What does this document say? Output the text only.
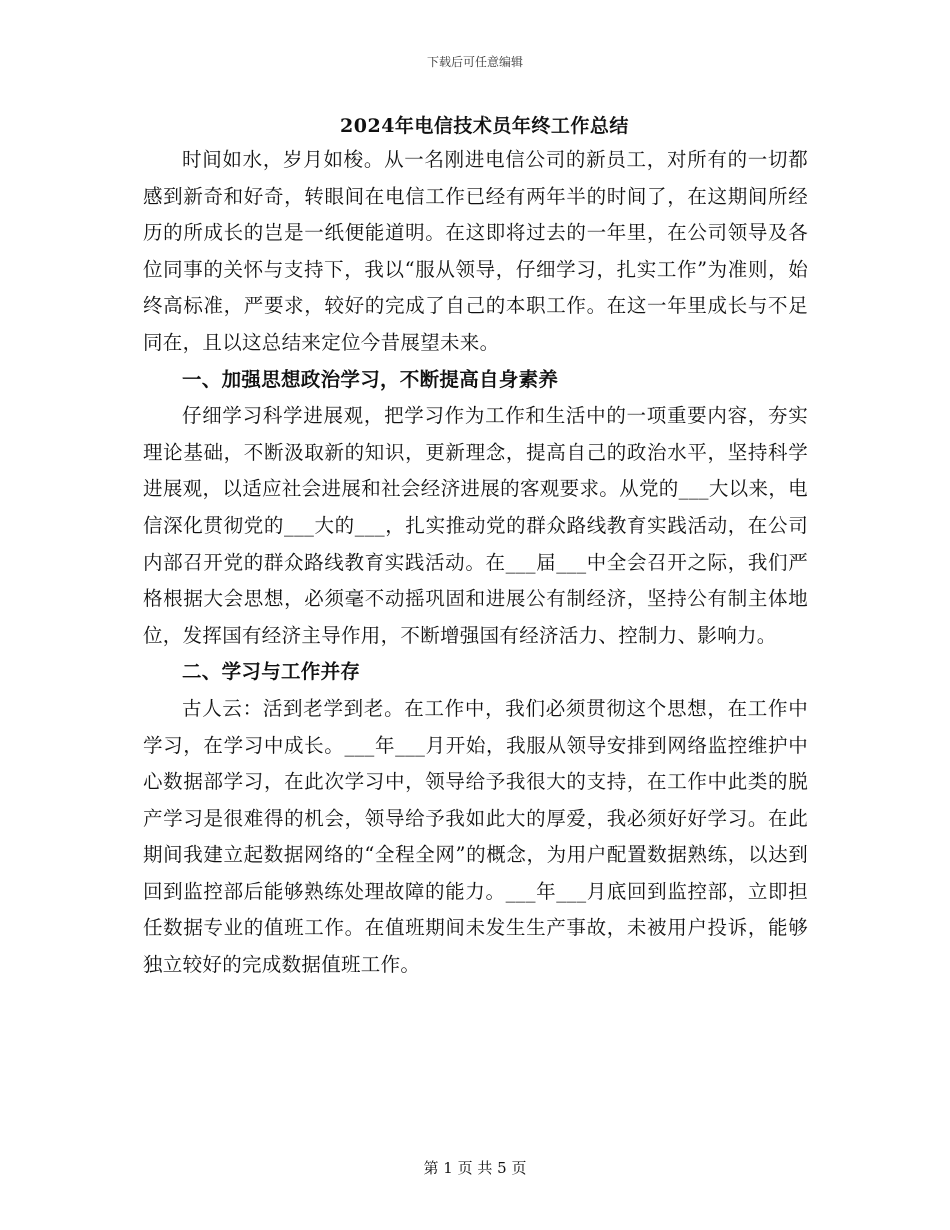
下载后可任意编辑
2024年电信技术员年终工作总结

时间如水，岁月如梭。从一名刚进电信公司的新员工，对所有的一切都感到新奇和好奇，转眼间在电信工作已经有两年半的时间了，在这期间所经历的所成长的岂是一纸便能道明。在这即将过去的一年里，在公司领导及各位同事的关怀与支持下，我以“服从领导，仔细学习，扎实工作”为准则，始终高标准，严要求，较好的完成了自己的本职工作。在这一年里成长与不足同在，且以这总结来定位今昔展望未来。

一、加强思想政治学习，不断提高自身素养

仔细学习科学进展观，把学习作为工作和生活中的一项重要内容，夯实理论基础，不断汲取新的知识，更新理念，提高自己的政治水平，坚持科学进展观，以适应社会进展和社会经济进展的客观要求。从党的___大以来，电信深化贯彻党的___大的___，扎实推动党的群众路线教育实践活动，在公司内部召开党的群众路线教育实践活动。在___届___中全会召开之际，我们严格根据大会思想，必须毫不动摇巩固和进展公有制经济，坚持公有制主体地位，发挥国有经济主导作用，不断增强国有经济活力、控制力、影响力。

二、学习与工作并存

古人云：活到老学到老。在工作中，我们必须贯彻这个思想，在工作中学习，在学习中成长。___年___月开始，我服从领导安排到网络监控维护中心数据部学习，在此次学习中，领导给予我很大的支持，在工作中此类的脱产学习是很难得的机会，领导给予我如此大的厚爱，我必须好好学习。在此期间我建立起数据网络的“全程全网”的概念，为用户配置数据熟练，以达到回到监控部后能够熟练处理故障的能力。___年___月底回到监控部，立即担任数据专业的值班工作。在值班期间未发生生产事故，未被用户投诉，能够独立较好的完成数据值班工作。

第 1 页 共 5 页
